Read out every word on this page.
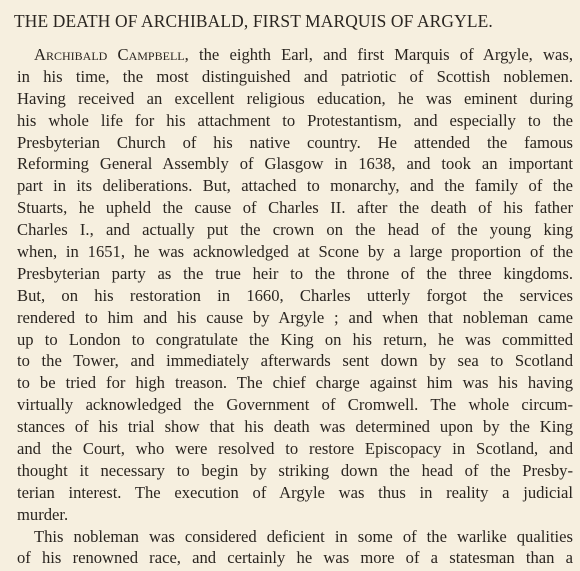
THE DEATH OF ARCHIBALD, FIRST MARQUIS OF ARGYLE.
Archibald Campbell, the eighth Earl, and first Marquis of Argyle, was,
in his time, the most distinguished and patriotic of Scottish noblemen.
Having received an excellent religious education, he was eminent during
his whole life for his attachment to Protestantism, and especially to the
Presbyterian Church of his native country. He attended the famous
Reforming General Assembly of Glasgow in 1638, and took an important
part in its deliberations. But, attached to monarchy, and the family of the
Stuarts, he upheld the cause of Charles II. after the death of his father
Charles I., and actually put the crown on the head of the young king
when, in 1651, he was acknowledged at Scone by a large proportion of the
Presbyterian party as the true heir to the throne of the three kingdoms.
But, on his restoration in 1660, Charles utterly forgot the services
rendered to him and his cause by Argyle ; and when that nobleman came
up to London to congratulate the King on his return, he was committed
to the Tower, and immediately afterwards sent down by sea to Scotland
to be tried for high treason. The chief charge against him was his having
virtually acknowledged the Government of Cromwell. The whole circum-
stances of his trial show that his death was determined upon by the King
and the Court, who were resolved to restore Episcopacy in Scotland, and
thought it necessary to begin by striking down the head of the Presby-
terian interest. The execution of Argyle was thus in reality a judicial
murder.
This nobleman was considered deficient in some of the warlike qualities
of his renowned race, and certainly he was more of a statesman than a
